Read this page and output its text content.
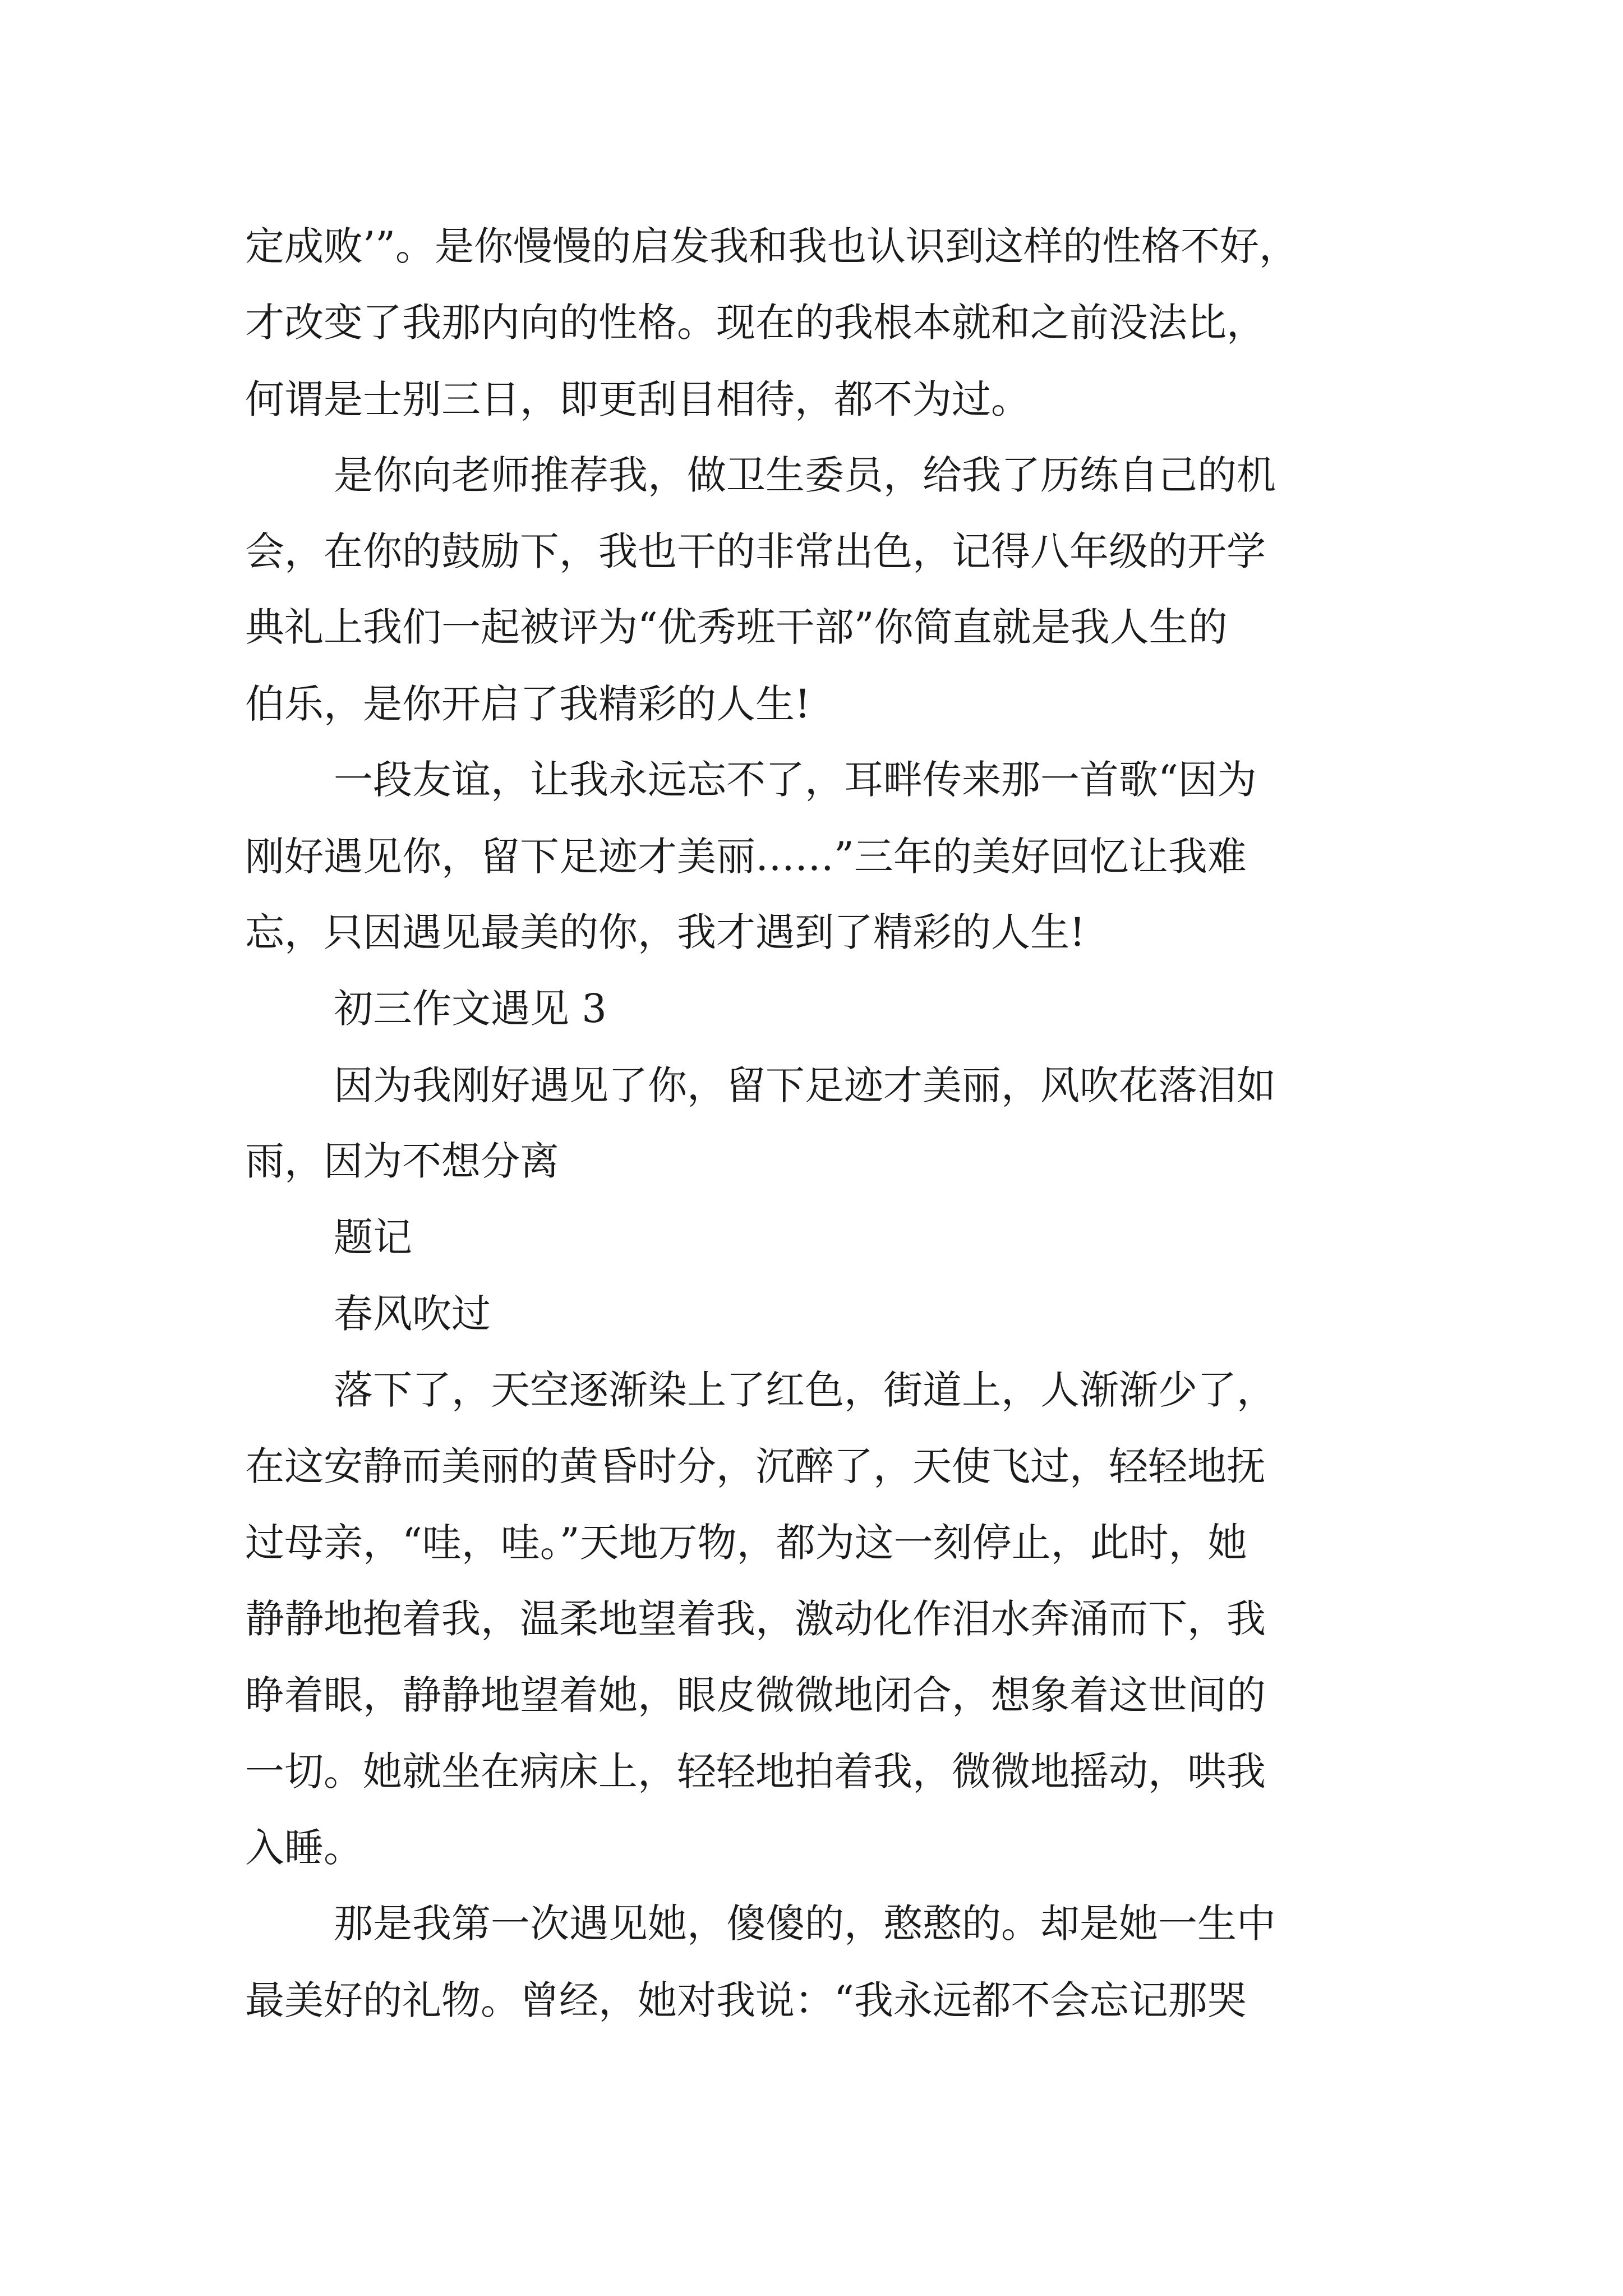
定成败’”。是你慢慢的启发我和我也认识到这样的性格不好，
才改变了我那内向的性格。现在的我根本就和之前没法比，
何谓是士别三日，即更刮目相待，都不为过。
是你向老师推荐我，做卫生委员，给我了历练自己的机
会，在你的鼓励下，我也干的非常出色，记得八年级的开学
典礼上我们一起被评为“优秀班干部”你简直就是我人生的
伯乐，是你开启了我精彩的人生!
一段友谊，让我永远忘不了，耳畔传来那一首歌“因为
刚好遇见你，留下足迹才美丽……”三年的美好回忆让我难
忘，只因遇见最美的你，我才遇到了精彩的人生!
初三作文遇见 3
因为我刚好遇见了你，留下足迹才美丽，风吹花落泪如
雨，因为不想分离
题记
春风吹过
落下了，天空逐渐染上了红色，街道上，人渐渐少了，
在这安静而美丽的黄昏时分，沉醉了，天使飞过，轻轻地抚
过母亲，“哇，哇。”天地万物，都为这一刻停止，此时，她
静静地抱着我，温柔地望着我，激动化作泪水奔涌而下，我
睁着眼，静静地望着她，眼皮微微地闭合，想象着这世间的
一切。她就坐在病床上，轻轻地拍着我，微微地摇动，哄我
入睡。
那是我第一次遇见她，傻傻的，憨憨的。却是她一生中
最美好的礼物。曾经，她对我说：“我永远都不会忘记那哭
